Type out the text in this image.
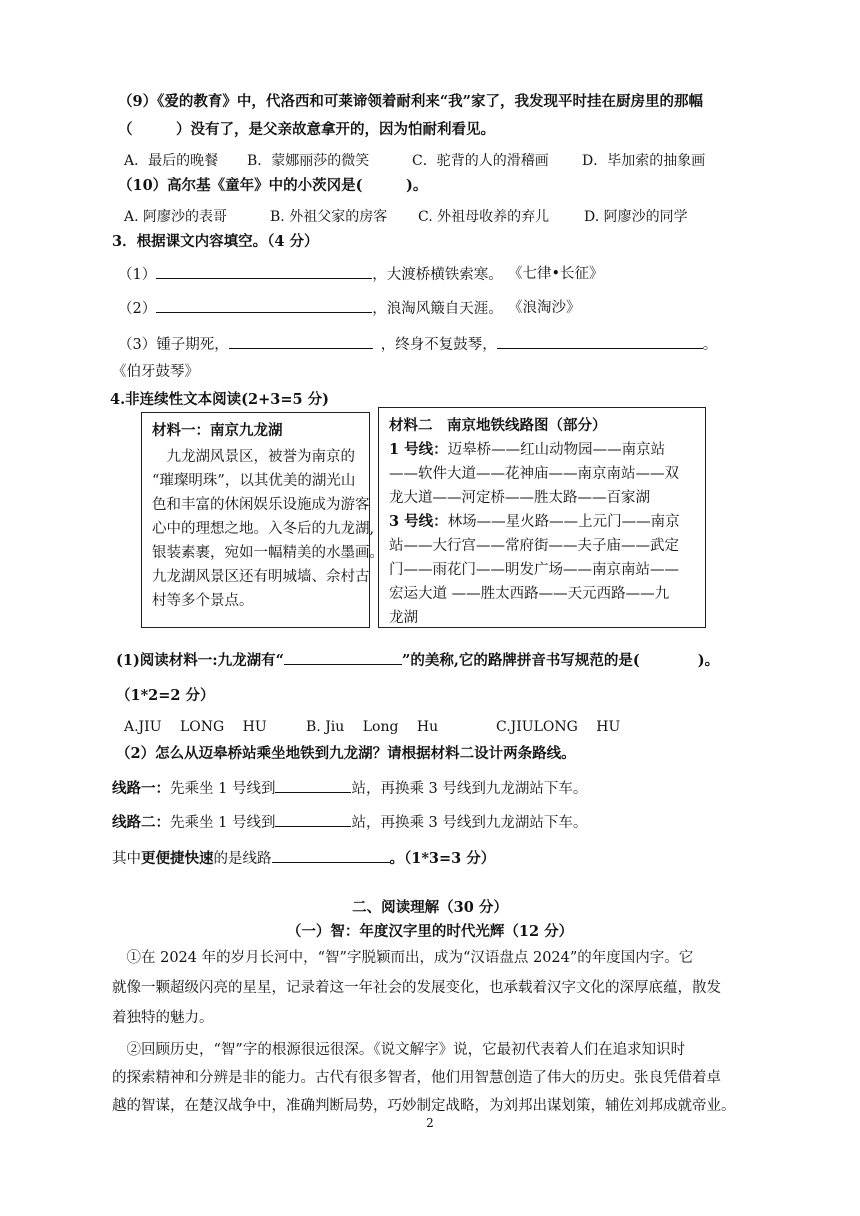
（9）《爱的教育》中，代洛西和可莱谛领着耐利来“我”家了，我发现平时挂在厨房里的那幅
（　　　）没有了，是父亲故意拿开的，因为怕耐利看见。
A．最后的晚餐 B．蒙娜丽莎的微笑	C．驼背的人的滑稽画 D．毕加索的抽象画
（10）高尔基《童年》中的小茨冈是(　　　)。
A. 阿廖沙的表哥	B. 外祖父家的房客 C. 外祖母收养的弃儿 D. 阿廖沙的同学
3．根据课文内容填空。（4 分）
（1）	，大渡桥横铁索寒。 《七律•长征》
（2）	，浪淘风簸自天涯。 《浪淘沙》
（3）锺子期死，	，终身不复鼓琴，	。
《伯牙鼓琴》
4.非连续性文本阅读(2+3=5 分)
材料一：南京九龙湖
　九龙湖风景区，被誉为南京的
“璀璨明珠”，以其优美的湖光山
色和丰富的休闲娱乐设施成为游客
心中的理想之地。入冬后的九龙湖,
银装素裹，宛如一幅精美的水墨画。
九龙湖风景区还有明城墙、佘村古
村等多个景点。
材料二　南京地铁线路图（部分）
1 号线：迈皋桥——红山动物园——南京站
——软件大道——花神庙——南京南站——双
龙大道——河定桥——胜太路——百家湖
3 号线：林场——星火路——上元门——南京
站——大行宫——常府街——夫子庙——武定
门——雨花门——明发广场——南京南站——
宏运大道 ——胜太西路——天元西路——九
龙湖
(1)阅读材料一:九龙湖有“	”的美称,它的路牌拼音书写规范的是(　　　　)。
（1*2=2 分）
A.JIU　 LONG　 HU	B. Jiu　 Long　 Hu	C.JIULONG　 HU
（2）怎么从迈皋桥站乘坐地铁到九龙湖？请根据材料二设计两条路线。
线路一：先乘坐 1 号线到	站，再换乘 3 号线到九龙湖站下车。
线路二：先乘坐 1 号线到	站，再换乘 3 号线到九龙湖站下车。
其中更便捷快速的是线路	。（1*3=3 分）
二、阅读理解（30 分）
（一）智：年度汉字里的时代光辉（12 分）
　①在 2024 年的岁月长河中，“智”字脱颖而出，成为“汉语盘点 2024”的年度国内字。它
就像一颗超级闪亮的星星，记录着这一年社会的发展变化，也承载着汉字文化的深厚底蕴，散发
着独特的魅力。
　②回顾历史，“智”字的根源很远很深。《说文解字》说，它最初代表着人们在追求知识时
的探索精神和分辨是非的能力。古代有很多智者，他们用智慧创造了伟大的历史。张良凭借着卓
越的智谋，在楚汉战争中，准确判断局势，巧妙制定战略，为刘邦出谋划策，辅佐刘邦成就帝业。
2
